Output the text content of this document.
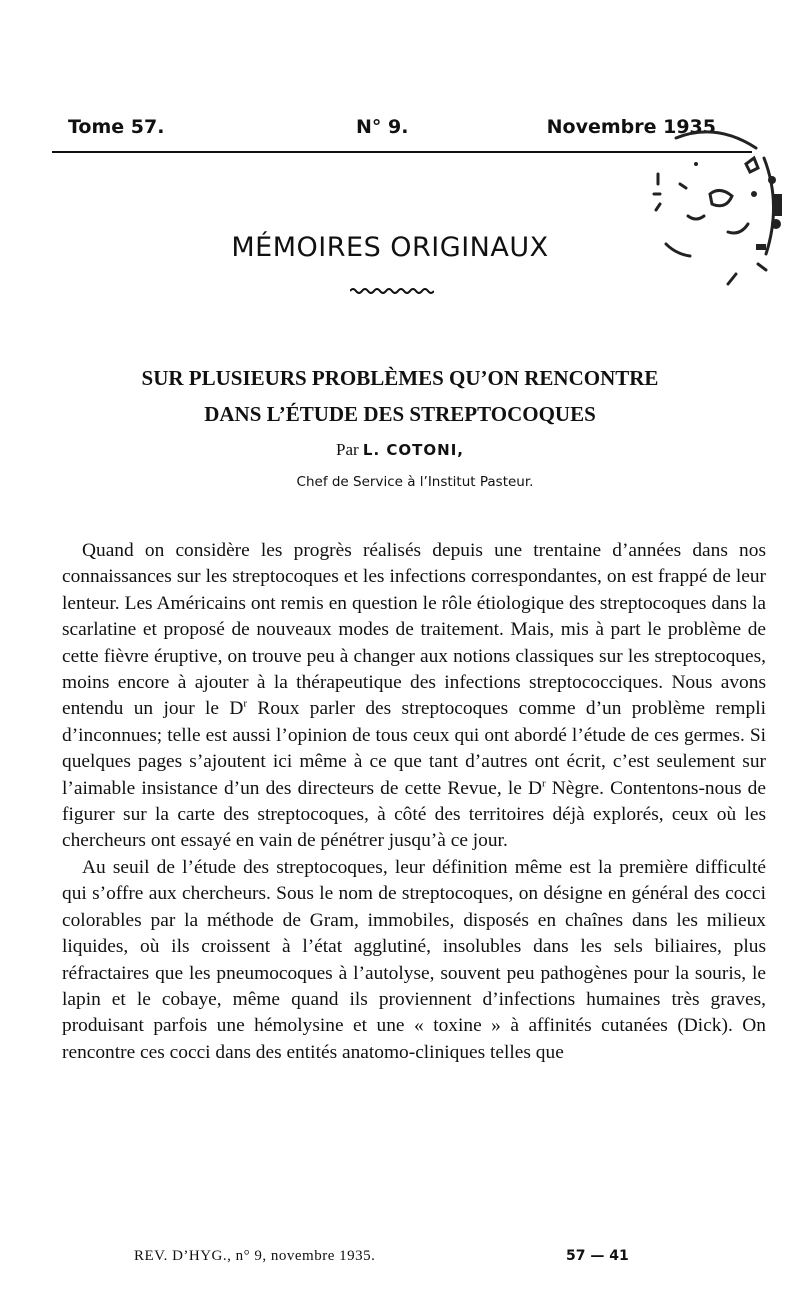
Tome 57.	N° 9.	Novembre 1935
MÉMOIRES ORIGINAUX
SUR PLUSIEURS PROBLÈMES QU’ON RENCONTRE
DANS L’ÉTUDE DES STREPTOCOQUES
Par L. COTONI,
Chef de Service à l’Institut Pasteur.

Quand on considère les progrès réalisés depuis une trentaine d’années dans nos connaissances sur les streptocoques et les infections correspondantes, on est frappé de leur lenteur. Les Américains ont remis en question le rôle étiologique des streptocoques dans la scarlatine et proposé de nouveaux modes de traitement. Mais, mis à part le problème de cette fièvre éruptive, on trouve peu à changer aux notions classiques sur les streptocoques, moins encore à ajouter à la thérapeutique des infections streptococciques. Nous avons entendu un jour le $D^r$ Roux parler des streptocoques comme d’un problème rempli d’inconnues; telle est aussi l’opinion de tous ceux qui ont abordé l’étude de ces germes. Si quelques pages s’ajoutent ici même à ce que tant d’autres ont écrit, c’est seulement sur l’aimable insistance d’un des directeurs de cette Revue, le $D^r$ Nègre. Contentons-nous de figurer sur la carte des streptocoques, à côté des territoires déjà explorés, ceux où les chercheurs ont essayé en vain de pénétrer jusqu’à ce jour.

Au seuil de l’étude des streptocoques, leur définition même est la première difficulté qui s’offre aux chercheurs. Sous le nom de streptocoques, on désigne en général des cocci colorables par la méthode de Gram, immobiles, disposés en chaînes dans les milieux liquides, où ils croissent à l’état agglutiné, insolubles dans les sels biliaires, plus réfractaires que les pneumocoques à l’autolyse, souvent peu pathogènes pour la souris, le lapin et le cobaye, même quand ils proviennent d’infections humaines très graves, produisant parfois une hémolysine et une « toxine » à affinités cutanées (Dick). On rencontre ces cocci dans des entités anatomo-cliniques telles que

REV. D’HYG., n° 9, novembre 1935.	57 — 41
